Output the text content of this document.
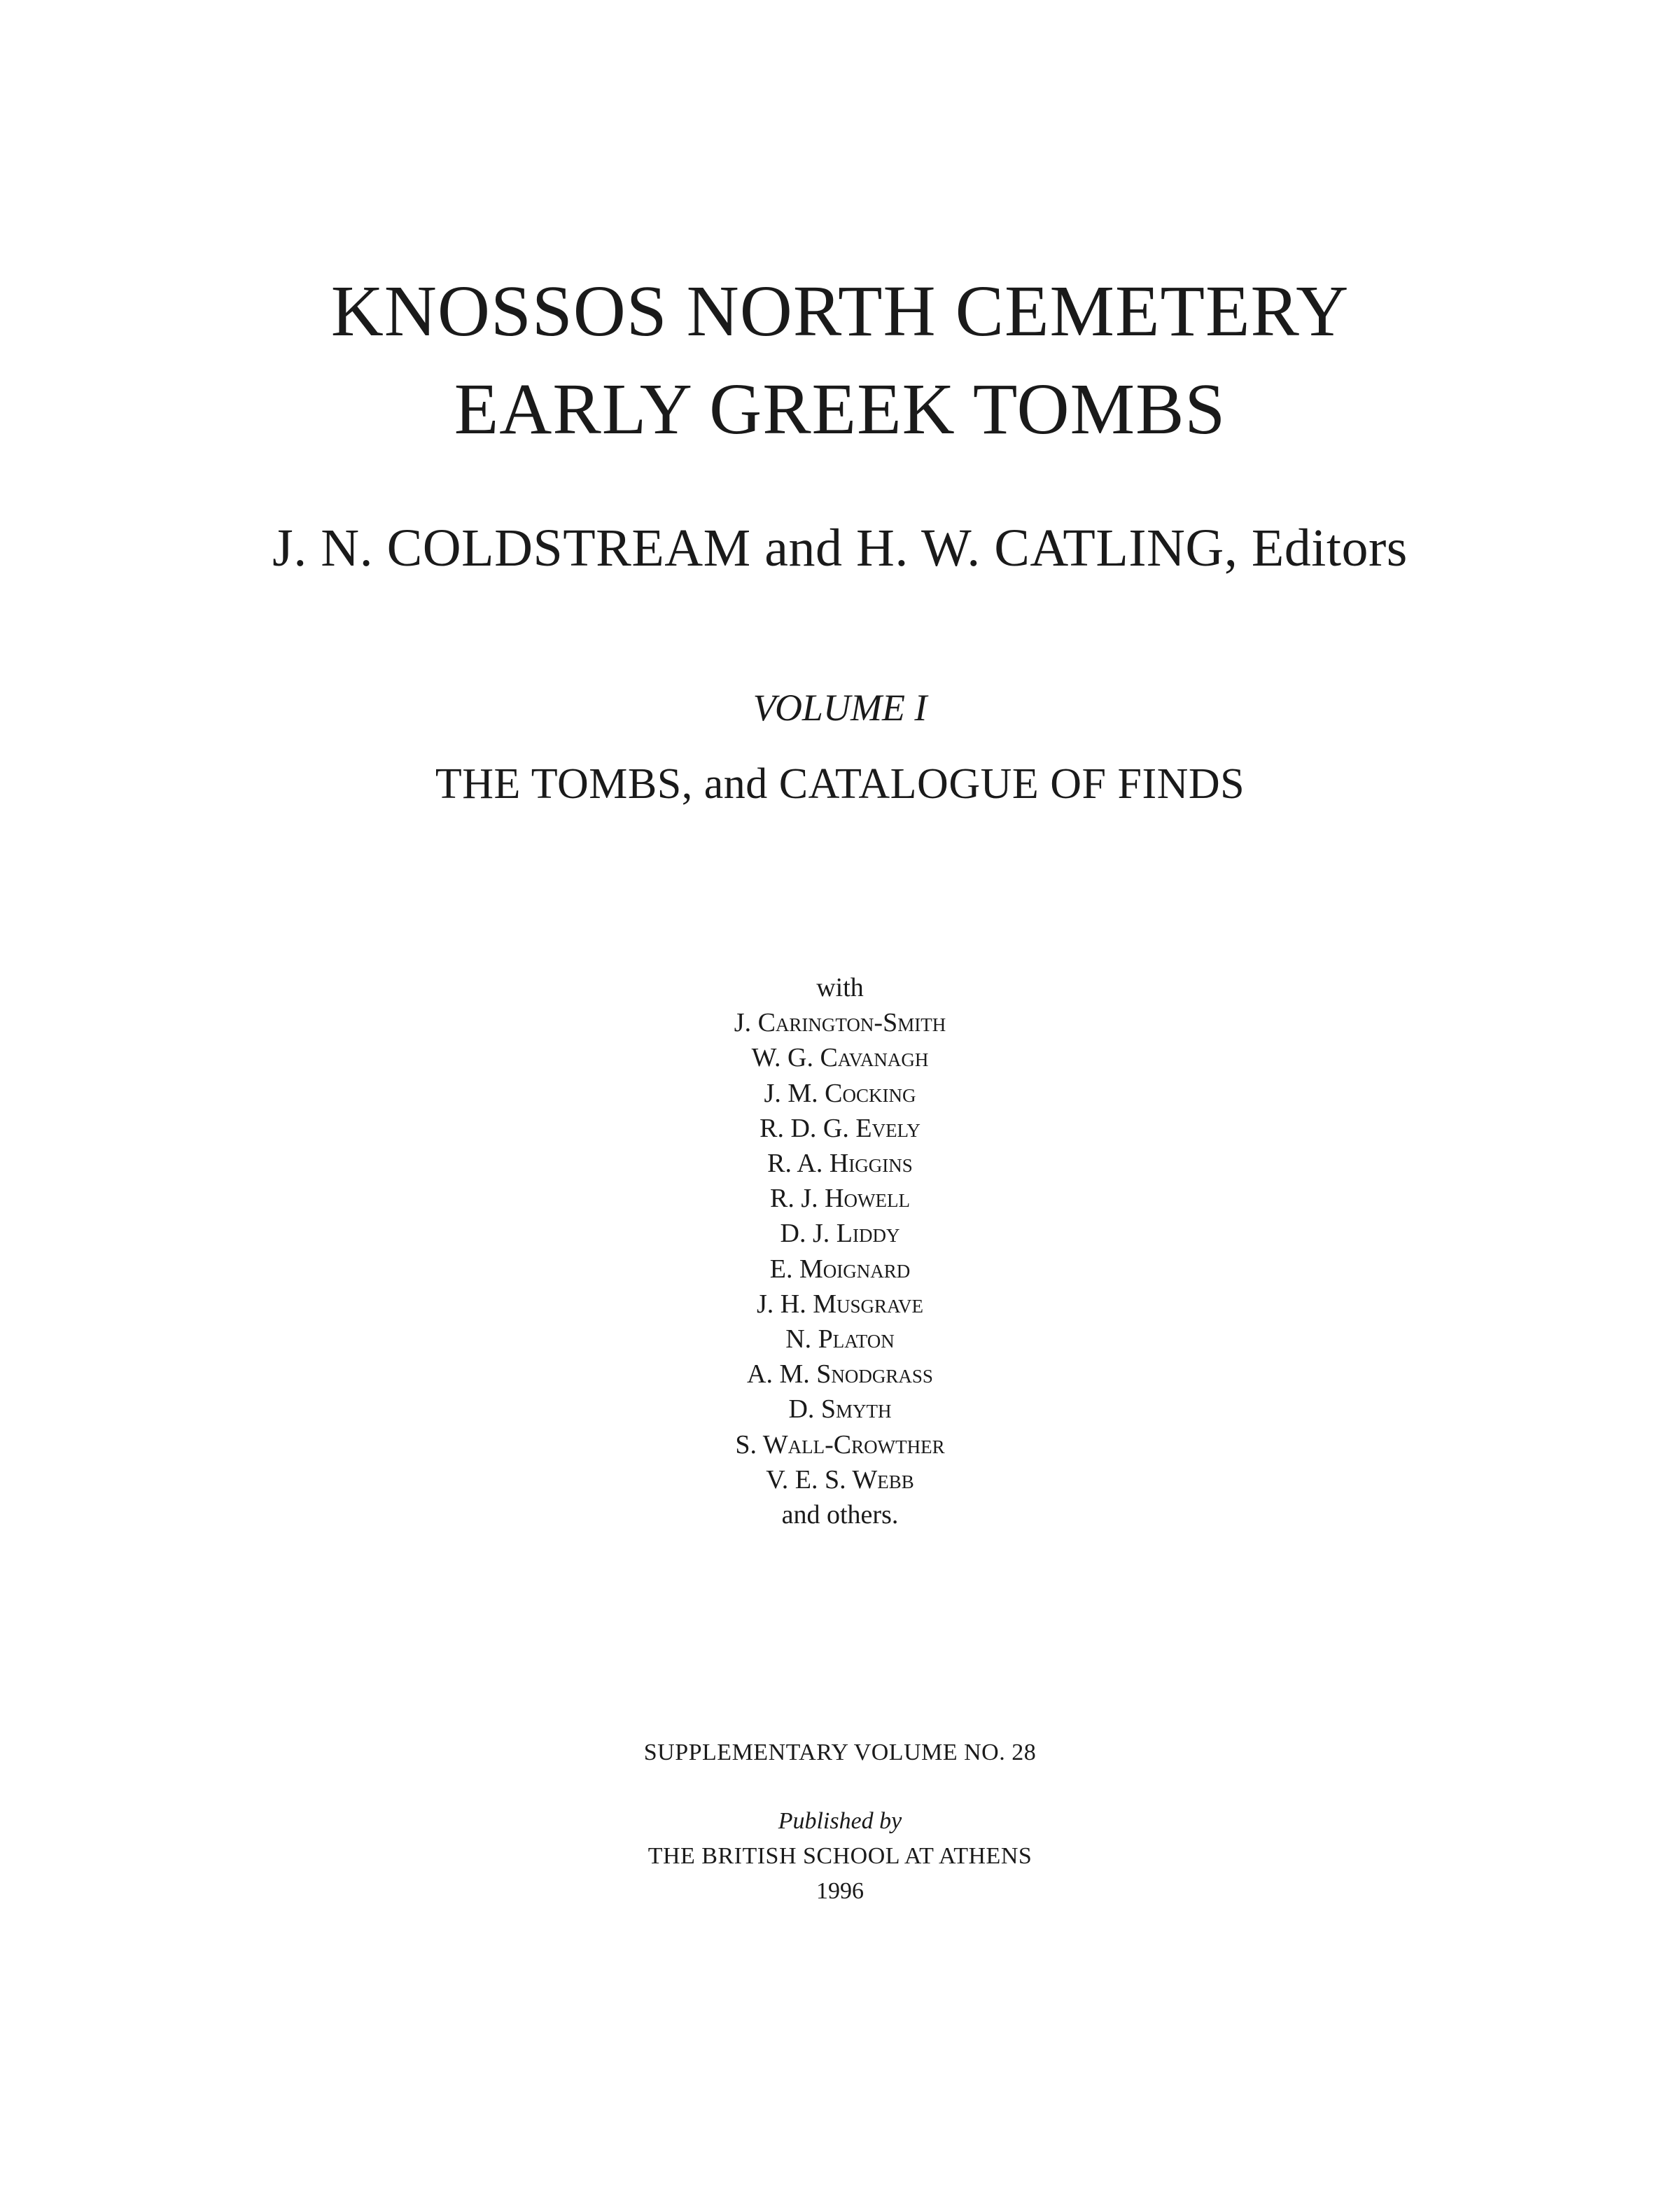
KNOSSOS NORTH CEMETERY
EARLY GREEK TOMBS

J. N. COLDSTREAM and H. W. CATLING, Editors

VOLUME I

THE TOMBS, and CATALOGUE OF FINDS

with
J. Carington-Smith
W. G. Cavanagh
J. M. Cocking
R. D. G. Evely
R. A. Higgins
R. J. Howell
D. J. Liddy
E. Moignard
J. H. Musgrave
N. Platon
A. M. Snodgrass
D. Smyth
S. Wall-Crowther
V. E. S. Webb
and others.

SUPPLEMENTARY VOLUME NO. 28

Published by

THE BRITISH SCHOOL AT ATHENS

1996
